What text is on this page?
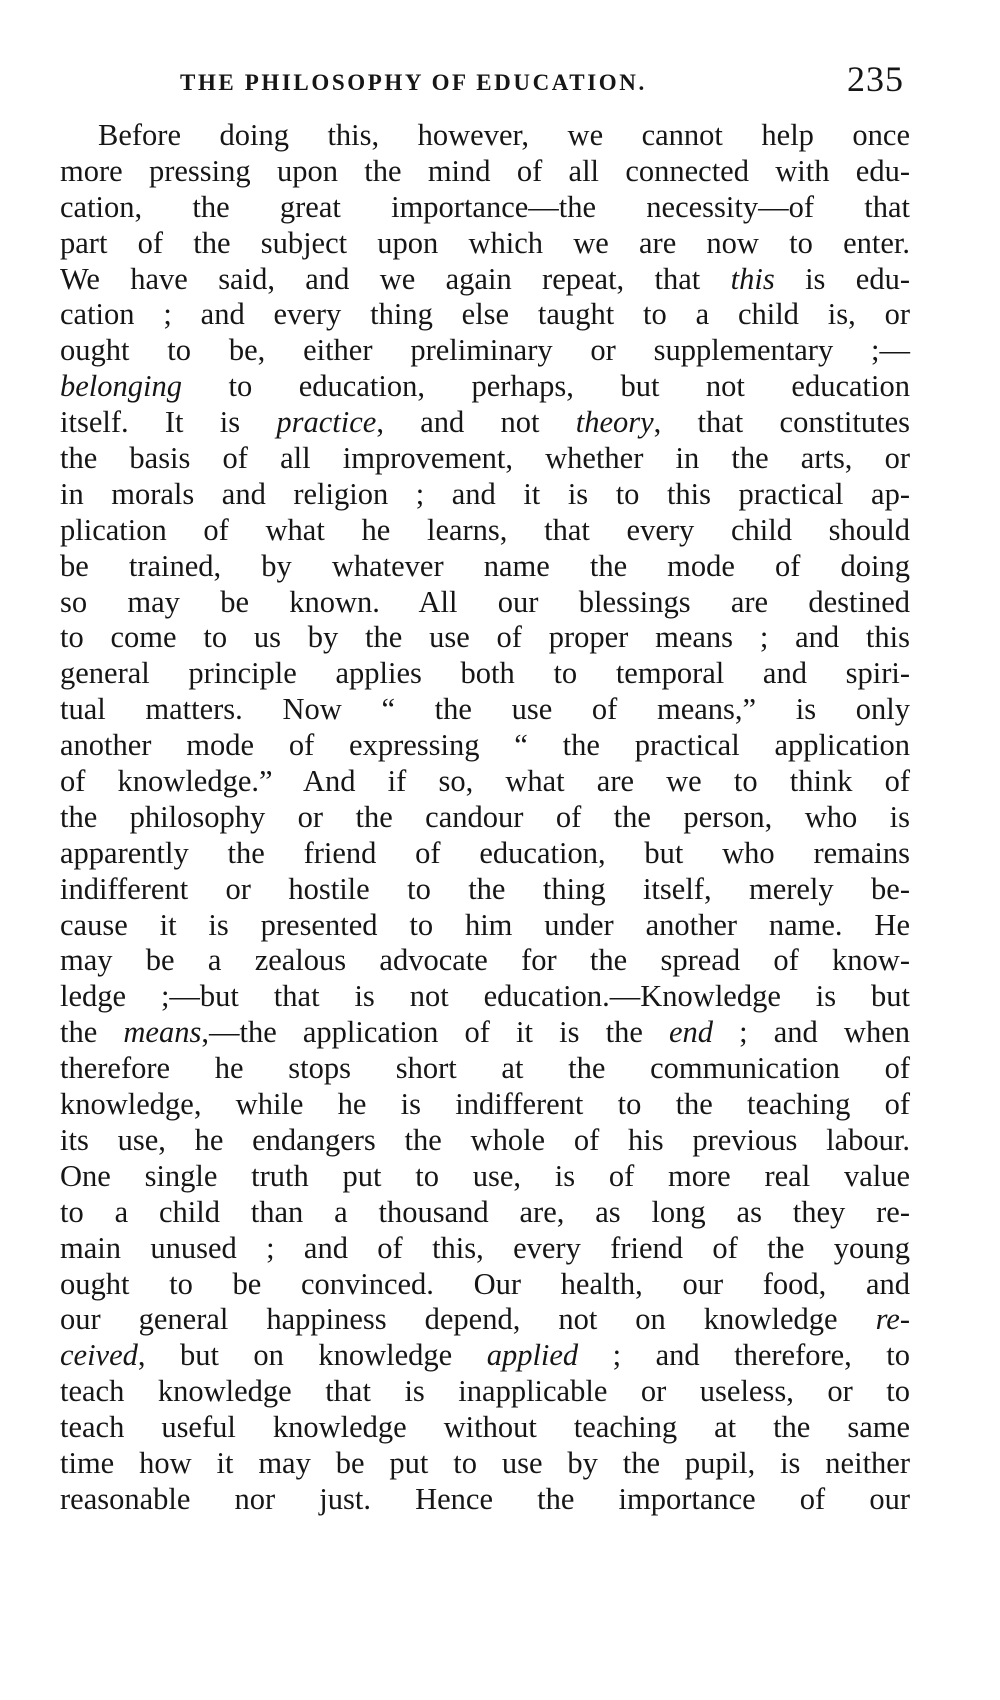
THE PHILOSOPHY OF EDUCATION.	235
Before doing this, however, we cannot help once
more pressing upon the mind of all connected with edu-
cation, the great importance—the necessity—of that
part of the subject upon which we are now to enter.
We have said, and we again repeat, that this is edu-
cation ; and every thing else taught to a child is, or
ought to be, either preliminary or supplementary ;—
belonging to education, perhaps, but not education
itself. It is practice, and not theory, that constitutes
the basis of all improvement, whether in the arts, or
in morals and religion ; and it is to this practical ap-
plication of what he learns, that every child should
be trained, by whatever name the mode of doing
so may be known. All our blessings are destined
to come to us by the use of proper means ; and this
general principle applies both to temporal and spiri-
tual matters. Now “ the use of means,” is only
another mode of expressing “ the practical application
of knowledge.” And if so, what are we to think of
the philosophy or the candour of the person, who is
apparently the friend of education, but who remains
indifferent or hostile to the thing itself, merely be-
cause it is presented to him under another name. He
may be a zealous advocate for the spread of know-
ledge ;—but that is not education.—Knowledge is but
the means,—the application of it is the end ; and when
therefore he stops short at the communication of
knowledge, while he is indifferent to the teaching of
its use, he endangers the whole of his previous labour.
One single truth put to use, is of more real value
to a child than a thousand are, as long as they re-
main unused ; and of this, every friend of the young
ought to be convinced. Our health, our food, and
our general happiness depend, not on knowledge re-
ceived, but on knowledge applied ; and therefore, to
teach knowledge that is inapplicable or useless, or to
teach useful knowledge without teaching at the same
time how it may be put to use by the pupil, is neither
reasonable nor just. Hence the importance of our
